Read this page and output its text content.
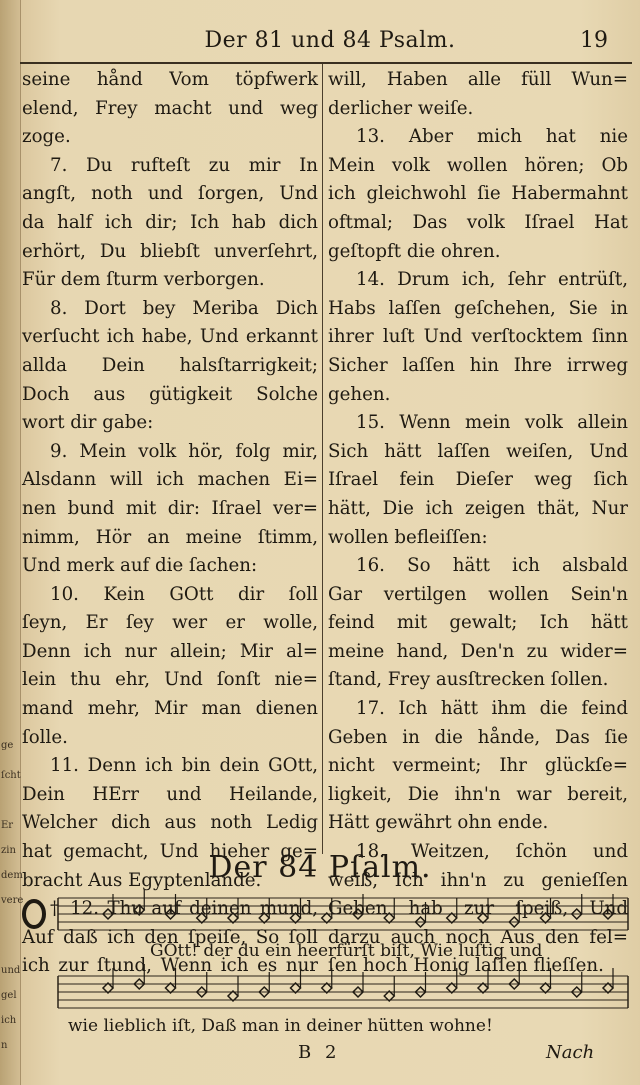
Der 81 und 84 Psalm.	19
seine hånd Vom töpfwerk
elend, Frey macht und weg
zoge.
7. Du rufteſt zu mir In
angſt, noth und ſorgen, Und
da half ich dir; Ich hab dich
erhört, Du bliebſt unverſehrt,
Für dem ſturm verborgen.
8. Dort bey Meriba Dich
verſucht ich habe, Und erkannt
allda Dein halsſtarrigkeit;
Doch aus gütigkeit Solche
wort dir gabe:
9. Mein volk hör, folg mir,
Alsdann will ich machen Ei=
nen bund mit dir: Iſrael ver=
nimm, Hör an meine ſtimm,
Und merk auf die ſachen:
10. Kein GOtt dir ſoll
ſeyn, Er ſey wer er wolle,
Denn ich nur allein; Mir al=
lein thu ehr, Und ſonſt nie=
mand mehr, Mir man dienen
ſolle.
11. Denn ich bin dein GOtt,
Dein HErr und Heilande,
Welcher dich aus noth Ledig
hat gemacht, Und hieher ge=
bracht Aus Egyptenlande.
† 12. Thu auf deinen mund,
Auf daß ich den ſpeiſe, So ſoll
ich zur ſtund, Wenn ich es nur
will, Haben alle füll Wun=
derlicher weiſe.
13. Aber mich hat nie
Mein volk wollen hören; Ob
ich gleichwohl ſie Habermahnt
oftmal; Das volk Iſrael Hat
geſtopft die ohren.
14. Drum ich, ſehr entrüſt,
Habs laſſen geſchehen, Sie in
ihrer luſt Und verſtocktem ſinn
Sicher laſſen hin Ihre irrweg
gehen.
15. Wenn mein volk allein
Sich hätt laſſen weiſen, Und
Iſrael fein Dieſer weg ſich
hätt, Die ich zeigen thät, Nur
wollen befleiſſen:
16. So hätt ich alsbald
Gar vertilgen wollen Sein'n
feind mit gewalt; Ich hätt
meine hand, Den'n zu wider=
ſtand, Frey ausſtrecken ſollen.
17. Ich hätt ihm die feind
Geben in die hånde, Das ſie
nicht vermeint; Ihr glückſe=
ligkeit, Die ihn'n war bereit,
Hätt gewährt ohn ende.
18. Weitzen, ſchön und
weiß, Ich ihn'n zu genieſſen
Geben hab zur ſpeiß, Und
darzu auch noch Aus den fel=
ſen hoch Honig laſſen flieſſen.
Der 84 Pſalm.
GOtt! der du ein heerfürſt biſt, Wie luſtig und
wie lieblich iſt, Daß man in deiner hütten wohne!
B 2	Nach
ge
ſcht
Er
zin
dem
vere
und
gel
ich
n
